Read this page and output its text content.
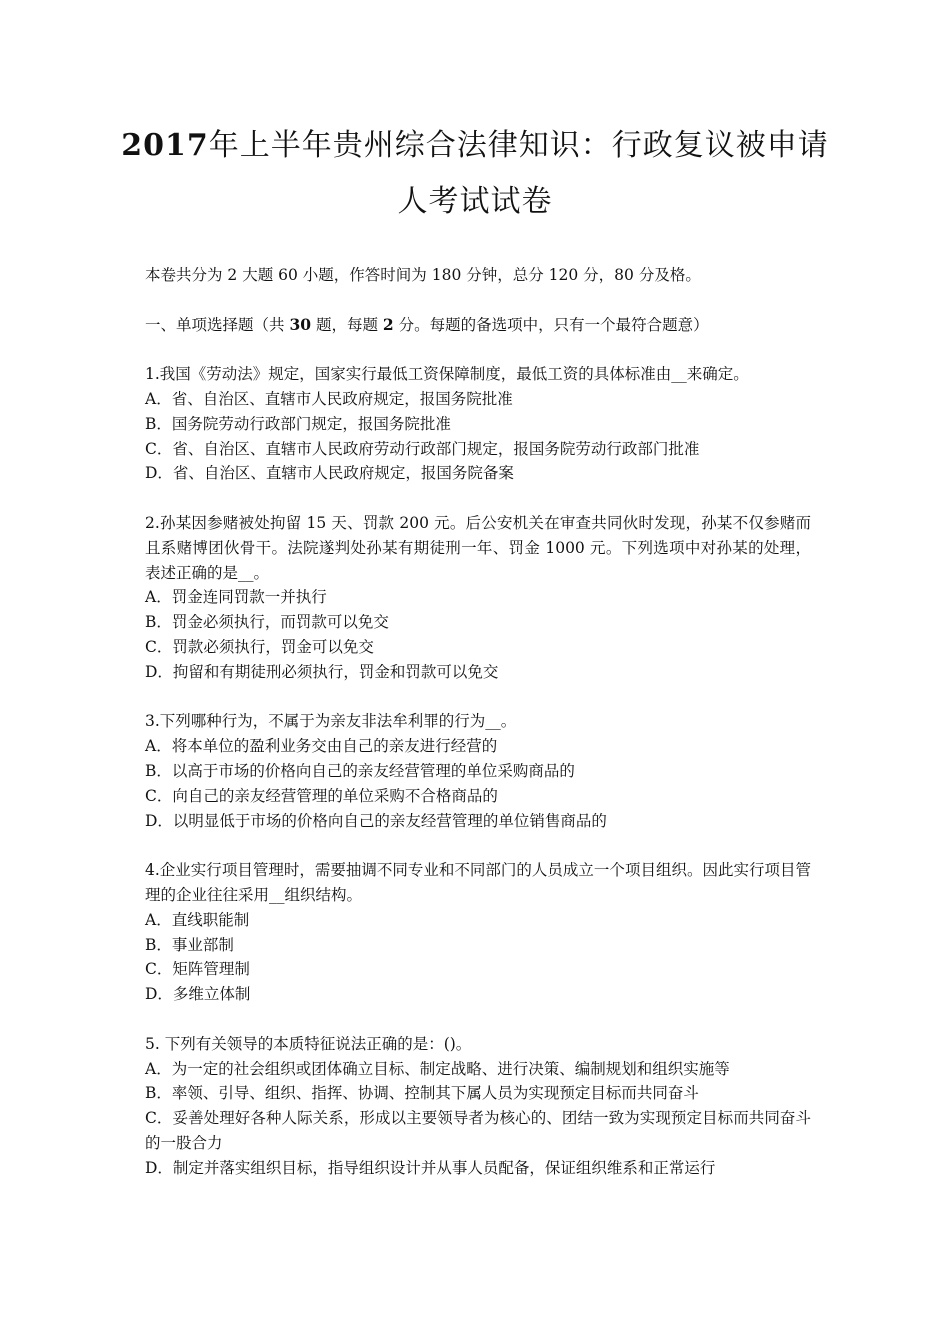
2017年上半年贵州综合法律知识：行政复议被申请
人考试试卷

本卷共分为 2 大题 60 小题，作答时间为 180 分钟，总分 120 分，80 分及格。

一、单项选择题（共 30 题，每题 2 分。每题的备选项中，只有一个最符合题意）

1.我国《劳动法》规定，国家实行最低工资保障制度，最低工资的具体标准由__来确定。

A．省、自治区、直辖市人民政府规定，报国务院批准

B．国务院劳动行政部门规定，报国务院批准

C．省、自治区、直辖市人民政府劳动行政部门规定，报国务院劳动行政部门批准

D．省、自治区、直辖市人民政府规定，报国务院备案

2.孙某因参赌被处拘留 15 天、罚款 200 元。后公安机关在审查共同伙时发现，孙某不仅参赌而且系赌博团伙骨干。法院遂判处孙某有期徒刑一年、罚金 1000 元。下列选项中对孙某的处理，表述正确的是__。

A．罚金连同罚款一并执行

B．罚金必须执行，而罚款可以免交

C．罚款必须执行，罚金可以免交

D．拘留和有期徒刑必须执行，罚金和罚款可以免交

3.下列哪种行为，不属于为亲友非法牟利罪的行为__。

A．将本单位的盈利业务交由自己的亲友进行经营的

B．以高于市场的价格向自己的亲友经营管理的单位采购商品的

C．向自己的亲友经营管理的单位采购不合格商品的

D．以明显低于市场的价格向自己的亲友经营管理的单位销售商品的

4.企业实行项目管理时，需要抽调不同专业和不同部门的人员成立一个项目组织。因此实行项目管理的企业往往采用__组织结构。

A．直线职能制

B．事业部制

C．矩阵管理制

D．多维立体制

5. 下列有关领导的本质特征说法正确的是：()。

A．为一定的社会组织或团体确立目标、制定战略、进行决策、编制规划和组织实施等

B．率领、引导、组织、指挥、协调、控制其下属人员为实现预定目标而共同奋斗

C．妥善处理好各种人际关系，形成以主要领导者为核心的、团结一致为实现预定目标而共同奋斗的一股合力

D．制定并落实组织目标，指导组织设计并从事人员配备，保证组织维系和正常运行
